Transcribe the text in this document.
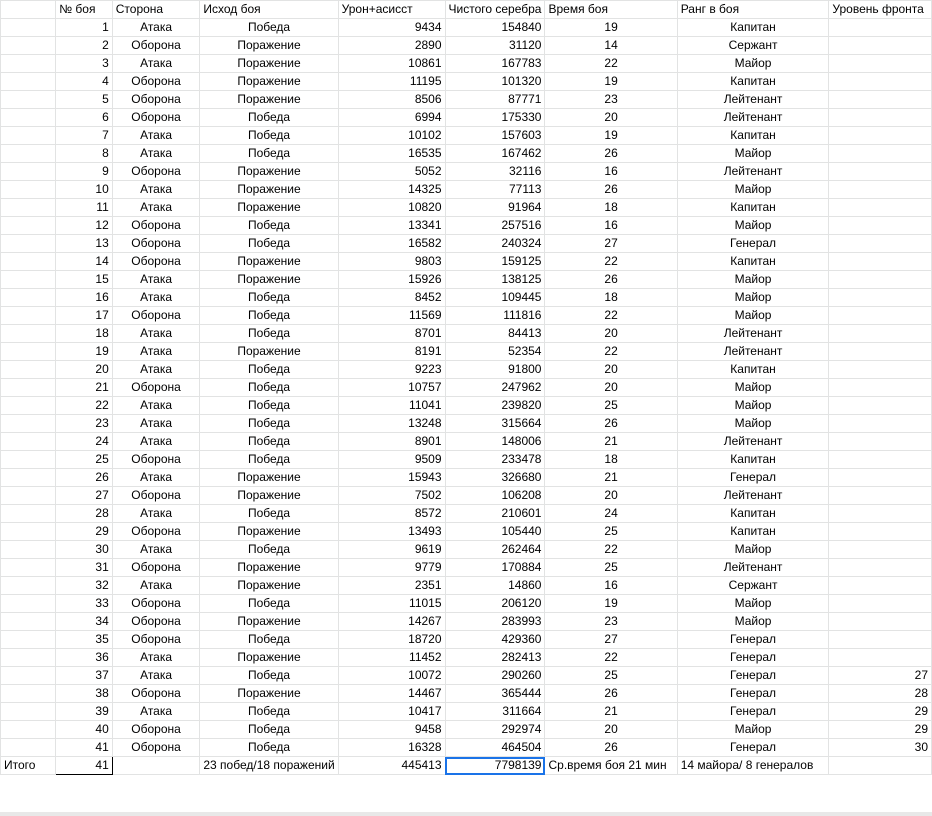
	№ боя	Сторона	Исход боя	Урон+асисст	Чистого серебра	Время боя	Ранг в боя	Уровень фронта
	1	Атака	Победа	9434	154840	19	Капитан	
	2	Оборона	Поражение	2890	31120	14	Сержант	
	3	Атака	Поражение	10861	167783	22	Майор	
	4	Оборона	Поражение	11195	101320	19	Капитан	
	5	Оборона	Поражение	8506	87771	23	Лейтенант	
	6	Оборона	Победа	6994	175330	20	Лейтенант	
	7	Атака	Победа	10102	157603	19	Капитан	
	8	Атака	Победа	16535	167462	26	Майор	
	9	Оборона	Поражение	5052	32116	16	Лейтенант	
	10	Атака	Поражение	14325	77113	26	Майор	
	11	Атака	Поражение	10820	91964	18	Капитан	
	12	Оборона	Победа	13341	257516	16	Майор	
	13	Оборона	Победа	16582	240324	27	Генерал	
	14	Оборона	Поражение	9803	159125	22	Капитан	
	15	Атака	Поражение	15926	138125	26	Майор	
	16	Атака	Победа	8452	109445	18	Майор	
	17	Оборона	Победа	11569	111816	22	Майор	
	18	Атака	Победа	8701	84413	20	Лейтенант	
	19	Атака	Поражение	8191	52354	22	Лейтенант	
	20	Атака	Победа	9223	91800	20	Капитан	
	21	Оборона	Победа	10757	247962	20	Майор	
	22	Атака	Победа	11041	239820	25	Майор	
	23	Атака	Победа	13248	315664	26	Майор	
	24	Атака	Победа	8901	148006	21	Лейтенант	
	25	Оборона	Победа	9509	233478	18	Капитан	
	26	Атака	Поражение	15943	326680	21	Генерал	
	27	Оборона	Поражение	7502	106208	20	Лейтенант	
	28	Атака	Победа	8572	210601	24	Капитан	
	29	Оборона	Поражение	13493	105440	25	Капитан	
	30	Атака	Победа	9619	262464	22	Майор	
	31	Оборона	Поражение	9779	170884	25	Лейтенант	
	32	Атака	Поражение	2351	14860	16	Сержант	
	33	Оборона	Победа	11015	206120	19	Майор	
	34	Оборона	Поражение	14267	283993	23	Майор	
	35	Оборона	Победа	18720	429360	27	Генерал	
	36	Атака	Поражение	11452	282413	22	Генерал	
	37	Атака	Победа	10072	290260	25	Генерал	27
	38	Оборона	Поражение	14467	365444	26	Генерал	28
	39	Атака	Победа	10417	311664	21	Генерал	29
	40	Оборона	Победа	9458	292974	20	Майор	29
	41	Оборона	Победа	16328	464504	26	Генерал	30
Итого	41		23 побед/18 поражений	445413	7798139	Ср.время боя 21 мин	14 майора/ 8 генералов	
